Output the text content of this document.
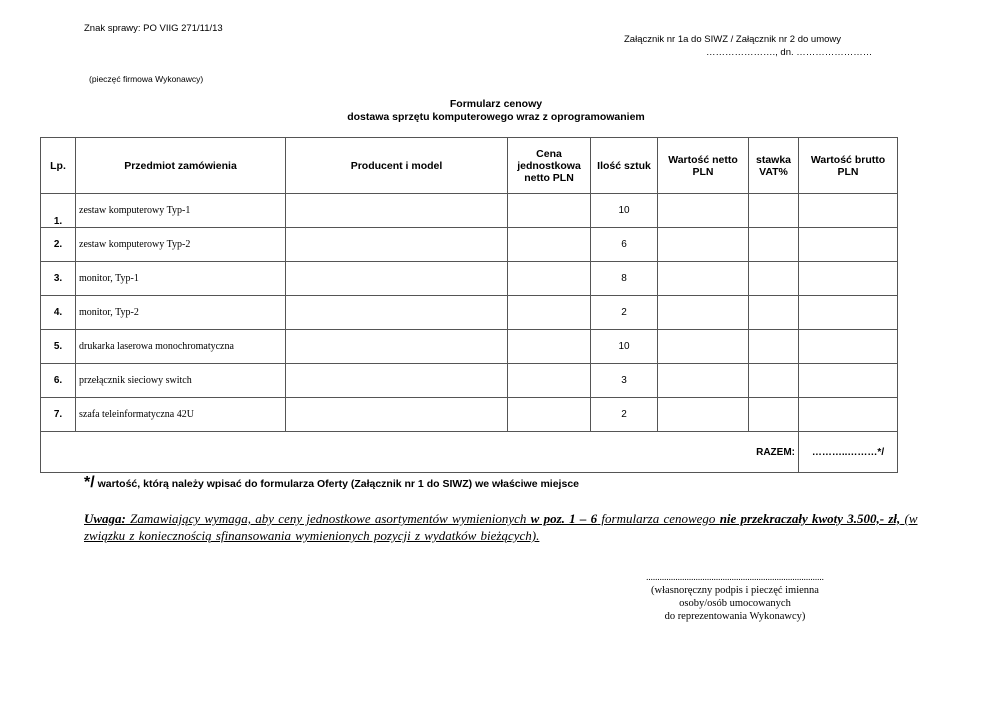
Znak sprawy: PO VIIG 271/11/13
Załącznik nr 1a do SIWZ / Załącznik nr 2 do umowy
…………………., dn. ……………………
(pieczęć firmowa Wykonawcy)
Formularz cenowy
dostawa sprzętu komputerowego wraz z oprogramowaniem
Lp.	Przedmiot zamówienia	Producent i model	Cena jednostkowa netto PLN	Ilość sztuk	Wartość netto PLN	stawka VAT%	Wartość brutto PLN
1.	zestaw komputerowy Typ-1			10			
2.	zestaw komputerowy Typ-2			6			
3.	monitor, Typ-1			8			
4.	monitor, Typ-2			2			
5.	drukarka laserowa monochromatyczna			10			
6.	przełącznik sieciowy switch			3			
7.	szafa teleinformatyczna 42U			2			
RAZEM:							………..………*/
*/ wartość, którą należy wpisać do formularza Oferty (Załącznik nr 1 do SIWZ) we właściwe miejsce
Uwaga: Zamawiający wymaga, aby ceny jednostkowe asortymentów wymienionych w poz. 1 – 6 formularza cenowego nie przekraczały kwoty 3.500,- zł, (w związku z koniecznością sfinansowania wymienionych pozycji z wydatków bieżących).
...............................................................................
(własnoręczny podpis i pieczęć imienna
osoby/osób umocowanych
do reprezentowania Wykonawcy)
